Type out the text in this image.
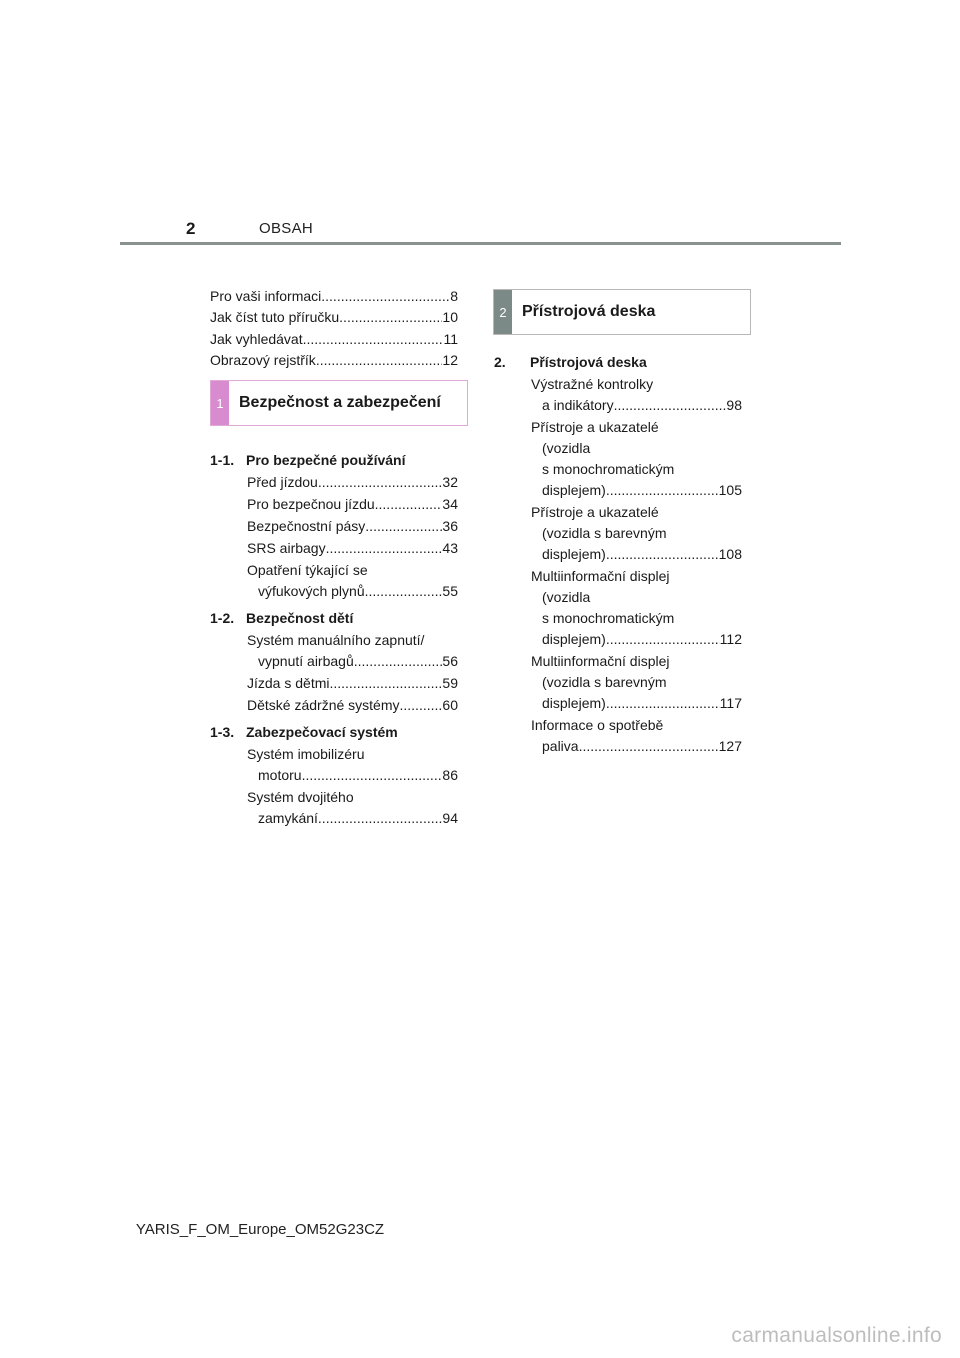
2	OBSAH
Pro vaši informaci .....	8
Jak číst tuto příručku .....	10
Jak vyhledávat .....	11
Obrazový rejstřík .....	12
1 Bezpečnost a zabezpečení
1-1. Pro bezpečné používání
Před jízdou .....	32
Pro bezpečnou jízdu .....	34
Bezpečnostní pásy .....	36
SRS airbagy .....	43
Opatření týkající se
výfukových plynů .....	55
1-2. Bezpečnost dětí
Systém manuálního zapnutí/
vypnutí airbagů .....	56
Jízda s dětmi .....	59
Dětské zádržné systémy .....	60
1-3. Zabezpečovací systém
Systém imobilizéru
motoru .....	86
Systém dvojitého
zamykání .....	94
2 Přístrojová deska
2.	Přístrojová deska
Výstražné kontrolky
a indikátory .....	98
Přístroje a ukazatelé
(vozidla
s monochromatickým
displejem) .....	105
Přístroje a ukazatelé
(vozidla s barevným
displejem) .....	108
Multiinformační displej
(vozidla
s monochromatickým
displejem) .....	112
Multiinformační displej
(vozidla s barevným
displejem) .....	117
Informace o spotřebě
paliva .....	127
YARIS_F_OM_Europe_OM52G23CZ
carmanualsonline.info
